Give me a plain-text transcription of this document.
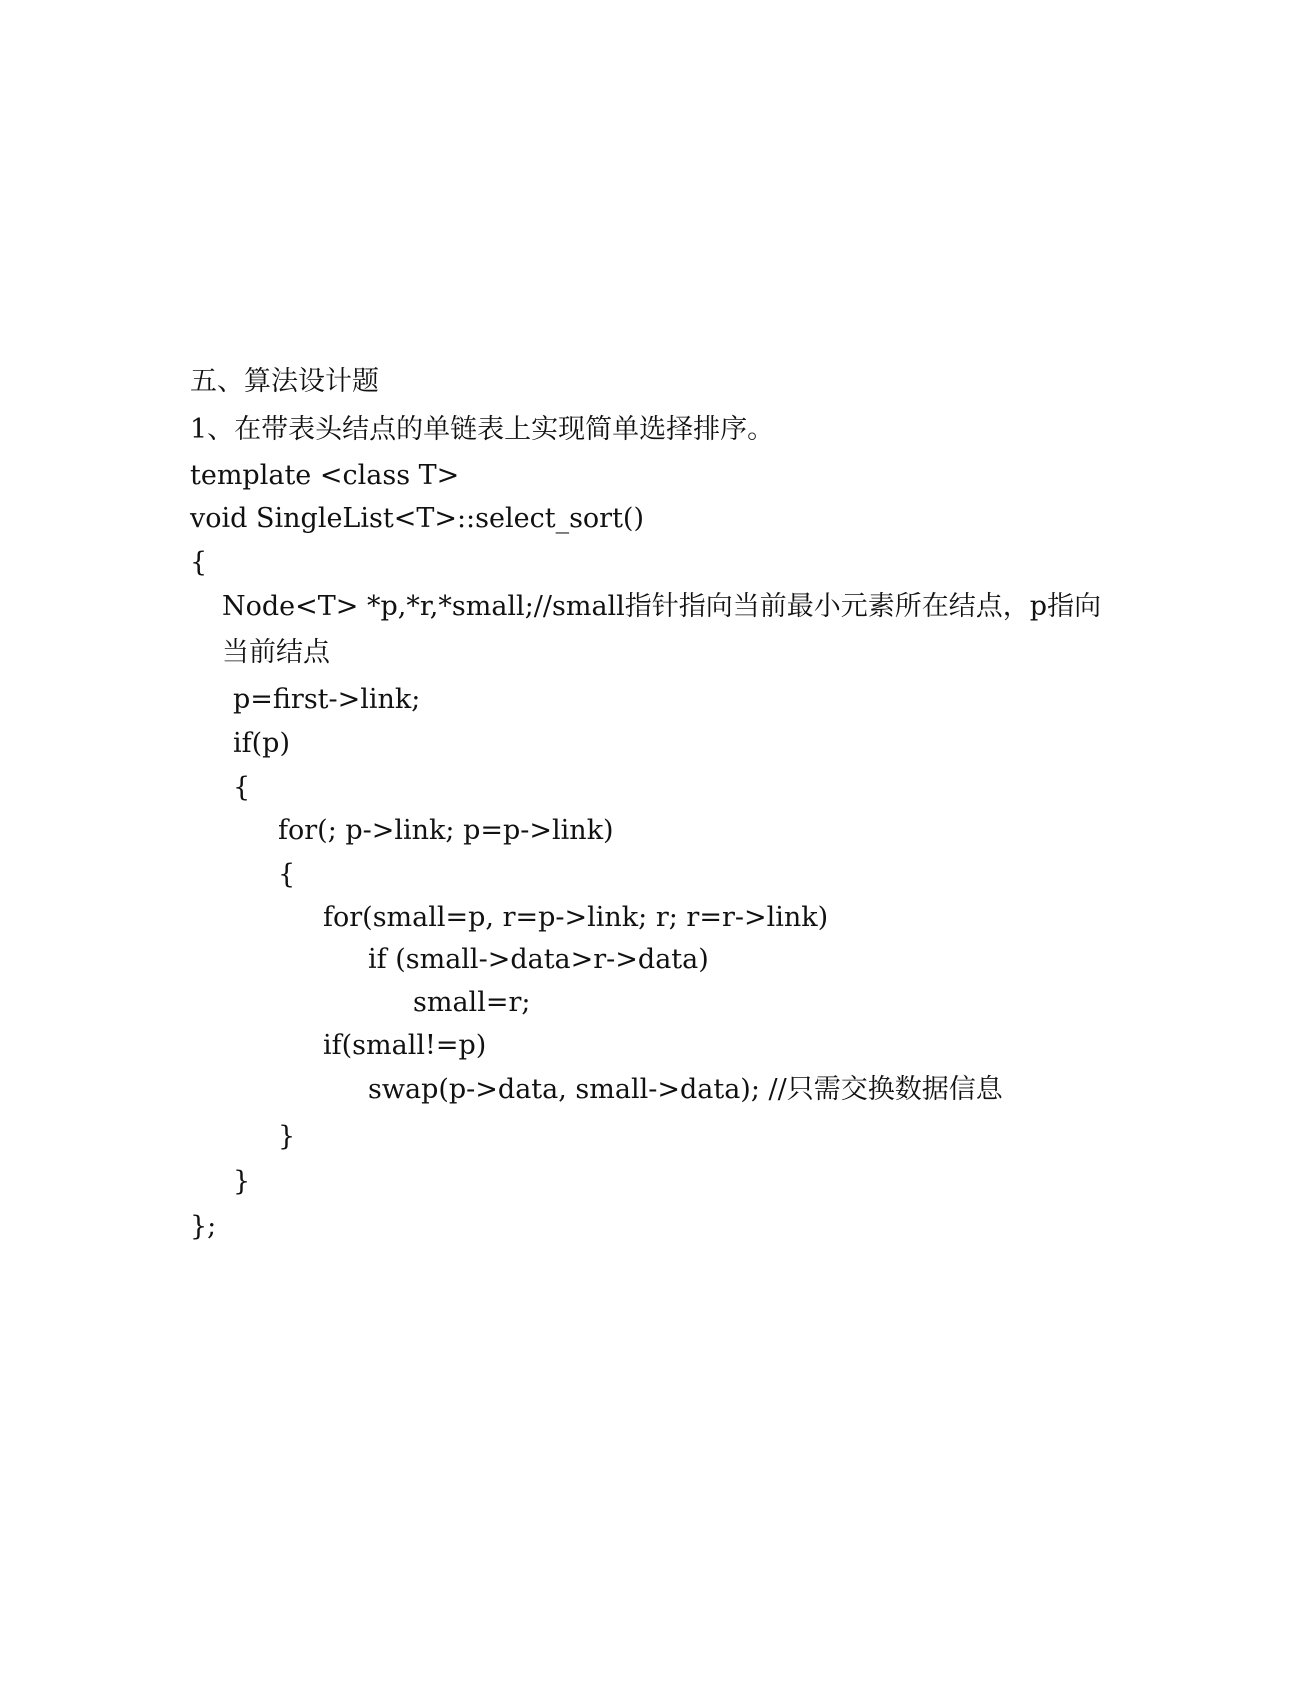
五、算法设计题
1、在带表头结点的单链表上实现简单选择排序。
template <class T>
void SingleList<T>::select_sort()
{
Node<T> *p,*r,*small;//small指针指向当前最小元素所在结点，p指向
当前结点
p=first->link;
if(p)
{
for(; p->link; p=p->link)
{
for(small=p, r=p->link; r; r=r->link)
if (small->data>r->data)
small=r;
if(small!=p)
swap(p->data, small->data); //只需交换数据信息
}
}
};
